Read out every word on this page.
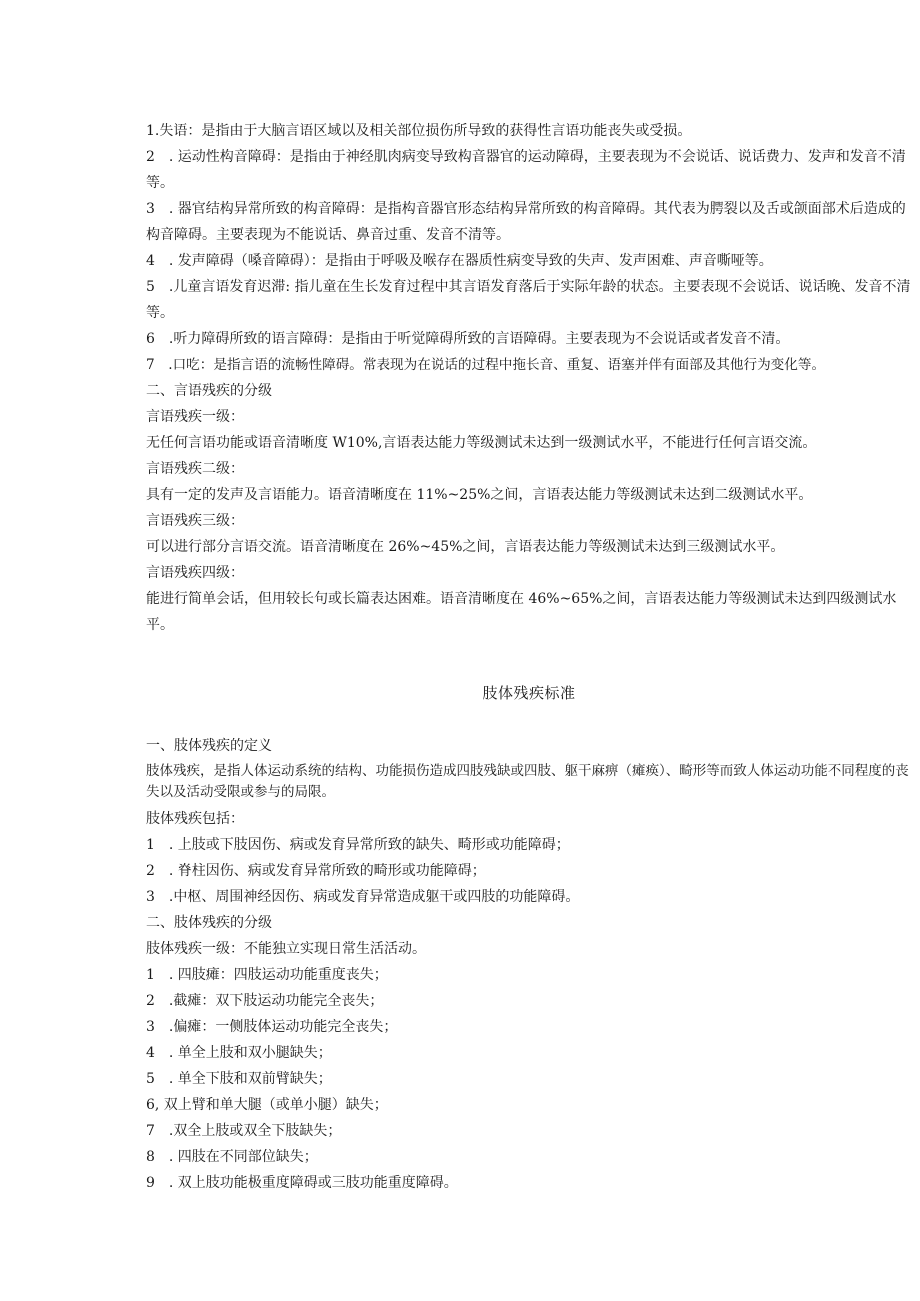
1.失语：是指由于大脑言语区域以及相关部位损伤所导致的获得性言语功能丧失或受损。
2　. 运动性构音障碍：是指由于神经肌肉病变导致构音器官的运动障碍，主要表现为不会说话、说话费力、发声和发音不清等。
3　. 器官结构异常所致的构音障碍：是指构音器官形态结构异常所致的构音障碍。其代表为腭裂以及舌或颌面部术后造成的构音障碍。主要表现为不能说话、鼻音过重、发音不清等。
4　. 发声障碍（嗓音障碍）：是指由于呼吸及喉存在器质性病变导致的失声、发声困难、声音嘶哑等。
5　.儿童言语发育迟滞: 指儿童在生长发育过程中其言语发育落后于实际年龄的状态。主要表现不会说话、说话晚、发音不清等。
6　.听力障碍所致的语言障碍：是指由于听觉障碍所致的言语障碍。主要表现为不会说话或者发音不清。
7　.口吃：是指言语的流畅性障碍。常表现为在说话的过程中拖长音、重复、语塞并伴有面部及其他行为变化等。
二、言语残疾的分级
言语残疾一级：
无任何言语功能或语音清晰度 W10%,言语表达能力等级测试未达到一级测试水平，不能进行任何言语交流。
言语残疾二级：
具有一定的发声及言语能力。语音清晰度在 11%~25%之间，言语表达能力等级测试未达到二级测试水平。
言语残疾三级：
可以进行部分言语交流。语音清晰度在 26%~45%之间，言语表达能力等级测试未达到三级测试水平。
言语残疾四级：
能进行简单会话，但用较长句或长篇表达困难。语音清晰度在 46%~65%之间，言语表达能力等级测试未达到四级测试水平。
肢体残疾标准
一、肢体残疾的定义
肢体残疾，是指人体运动系统的结构、功能损伤造成四肢残缺或四肢、躯干麻痹（瘫痪）、畸形等而致人体运动功能不同程度的丧失以及活动受限或参与的局限。
肢体残疾包括：
1　. 上肢或下肢因伤、病或发育异常所致的缺失、畸形或功能障碍；
2　. 脊柱因伤、病或发育异常所致的畸形或功能障碍；
3　.中枢、周围神经因伤、病或发育异常造成躯干或四肢的功能障碍。
二、肢体残疾的分级
肢体残疾一级：不能独立实现日常生活活动。
1　. 四肢瘫：四肢运动功能重度丧失；
2　.截瘫：双下肢运动功能完全丧失；
3　.偏瘫：一侧肢体运动功能完全丧失；
4　. 单全上肢和双小腿缺失；
5　. 单全下肢和双前臂缺失；
6, 双上臂和单大腿（或单小腿）缺失；
7　.双全上肢或双全下肢缺失；
8　. 四肢在不同部位缺失；
9　. 双上肢功能极重度障碍或三肢功能重度障碍。
